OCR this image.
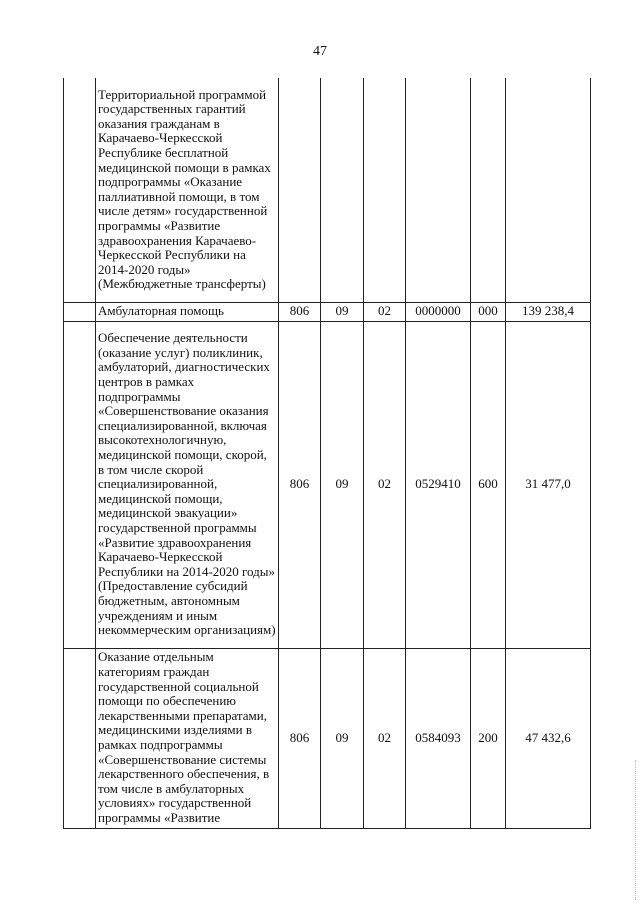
47
	Территориальной программой государственных гарантий оказания гражданам в Карачаево-Черкесской Республике бесплатной медицинской помощи в рамках подпрограммы «Оказание паллиативной помощи, в том числе детям» государственной программы «Развитие здравоохранения Карачаево-Черкесской Республики на 2014-2020 годы» (Межбюджетные трансферты)						
	Амбулаторная помощь	806	09	02	0000000	000	139 238,4
	Обеспечение деятельности (оказание услуг) поликлиник, амбулаторий, диагностических центров в рамках подпрограммы «Совершенствование оказания специализированной, включая высокотехнологичную, медицинской помощи, скорой, в том числе скорой специализированной, медицинской помощи, медицинской эвакуации» государственной программы «Развитие здравоохранения Карачаево-Черкесской Республики на 2014-2020 годы» (Предоставление субсидий бюджетным, автономным учреждениям и иным некоммерческим организациям)	806	09	02	0529410	600	31 477,0
	Оказание отдельным категориям граждан государственной социальной помощи по обеспечению лекарственными препаратами, медицинскими изделиями в рамках подпрограммы «Совершенствование системы лекарственного обеспечения, в том числе в амбулаторных условиях» государственной программы «Развитие	806	09	02	0584093	200	47 432,6
